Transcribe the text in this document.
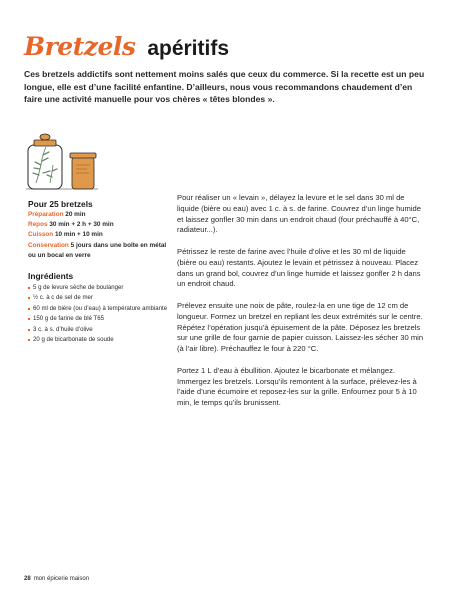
Bretzels apéritifs

Ces bretzels addictifs sont nettement moins salés que ceux du commerce. Si la recette est un peu longue, elle est d’une facilité enfantine. D’ailleurs, nous vous recommandons chaudement d’en faire une activité manuelle pour vos chères « têtes blondes ».

Pour 25 bretzels
Préparation 20 min
Repos 30 min + 2 h + 30 min
Cuisson 10 min + 10 min
Conservation 5 jours dans une boîte en métal ou un bocal en verre
Ingrédients
5 g de levure sèche de boulanger
½ c. à c de sel de mer
60 ml de bière (ou d’eau) à température ambiante
150 g de farine de blé T65
3 c. à s. d’huile d’olive
20 g de bicarbonate de soude

Pour réaliser un « levain », délayez la levure et le sel dans 30 ml de liquide (bière ou eau) avec 1 c. à s. de farine. Couvrez d’un linge humide et laissez gonfler 30 min dans un endroit chaud (four préchauffé à 40°C, radiateur...).

Pétrissez le reste de farine avec l’huile d’olive et les 30 ml de liquide (bière ou eau) restants. Ajoutez le levain et pétrissez à nouveau. Placez dans un grand bol, couvrez d’un linge humide et laissez gonfler 2 h dans un endroit chaud.

Prélevez ensuite une noix de pâte, roulez-la en une tige de 12 cm de longueur. Formez un bretzel en repliant les deux extrémités sur le centre. Répétez l’opération jusqu’à épuisement de la pâte. Déposez les bretzels sur une grille de four garnie de papier cuisson. Laissez-les sécher 30 min (à l’air libre). Préchauffez le four à 220 °C.

Portez 1 L d’eau à ébullition. Ajoutez le bicarbonate et mélangez. Immergez les bretzels. Lorsqu’ils remontent à la surface, prélevez-les à l’aide d’une écumoire et reposez-les sur la grille. Enfournez pour 5 à 10 min, le temps qu’ils brunissent.

28 mon épicerie maison
